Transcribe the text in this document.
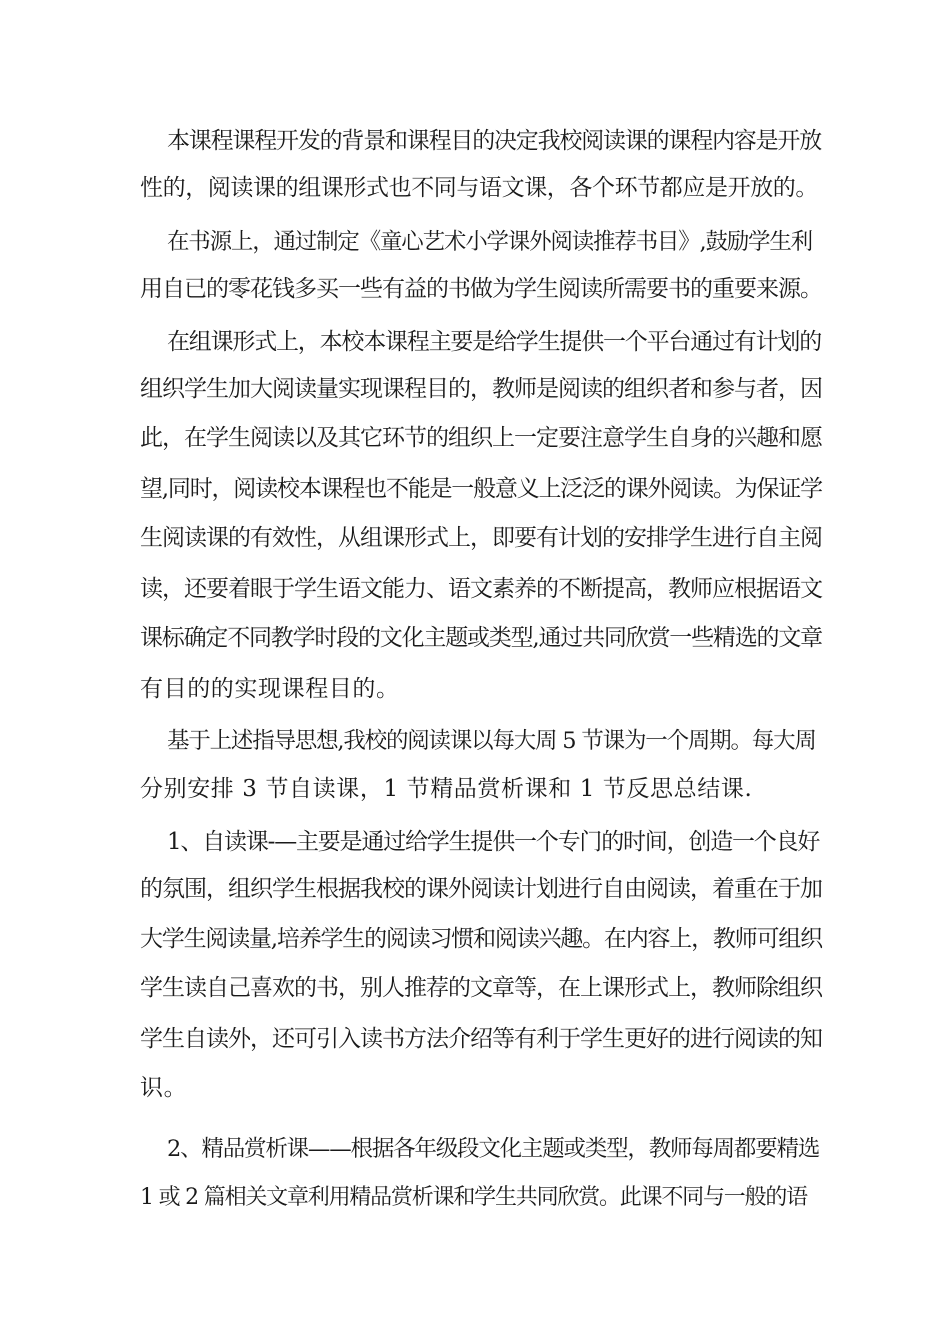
本课程课程开发的背景和课程目的决定我校阅读课的课程内容是开放
性的，阅读课的组课形式也不同与语文课，各个环节都应是开放的。
在书源上，通过制定《童心艺术小学课外阅读推荐书目》,鼓励学生利
用自已的零花钱多买一些有益的书做为学生阅读所需要书的重要来源。
在组课形式上，本校本课程主要是给学生提供一个平台通过有计划的
组织学生加大阅读量实现课程目的，教师是阅读的组织者和参与者，因
此，在学生阅读以及其它环节的组织上一定要注意学生自身的兴趣和愿
望,同时，阅读校本课程也不能是一般意义上泛泛的课外阅读。为保证学
生阅读课的有效性，从组课形式上，即要有计划的安排学生进行自主阅
读，还要着眼于学生语文能力、语文素养的不断提高，教师应根据语文
课标确定不同教学时段的文化主题或类型,通过共同欣赏一些精选的文章
有目的的实现课程目的。
基于上述指导思想,我校的阅读课以每大周 5 节课为一个周期。每大周
分别安排 3 节自读课，1 节精品赏析课和 1 节反思总结课.
1、自读课-—主要是通过给学生提供一个专门的时间，创造一个良好
的氛围，组织学生根据我校的课外阅读计划进行自由阅读，着重在于加
大学生阅读量,培养学生的阅读习惯和阅读兴趣。在内容上，教师可组织
学生读自己喜欢的书，别人推荐的文章等，在上课形式上，教师除组织
学生自读外，还可引入读书方法介绍等有利于学生更好的进行阅读的知
识。
2、精品赏析课——根据各年级段文化主题或类型，教师每周都要精选
1 或 2 篇相关文章利用精品赏析课和学生共同欣赏。此课不同与一般的语
